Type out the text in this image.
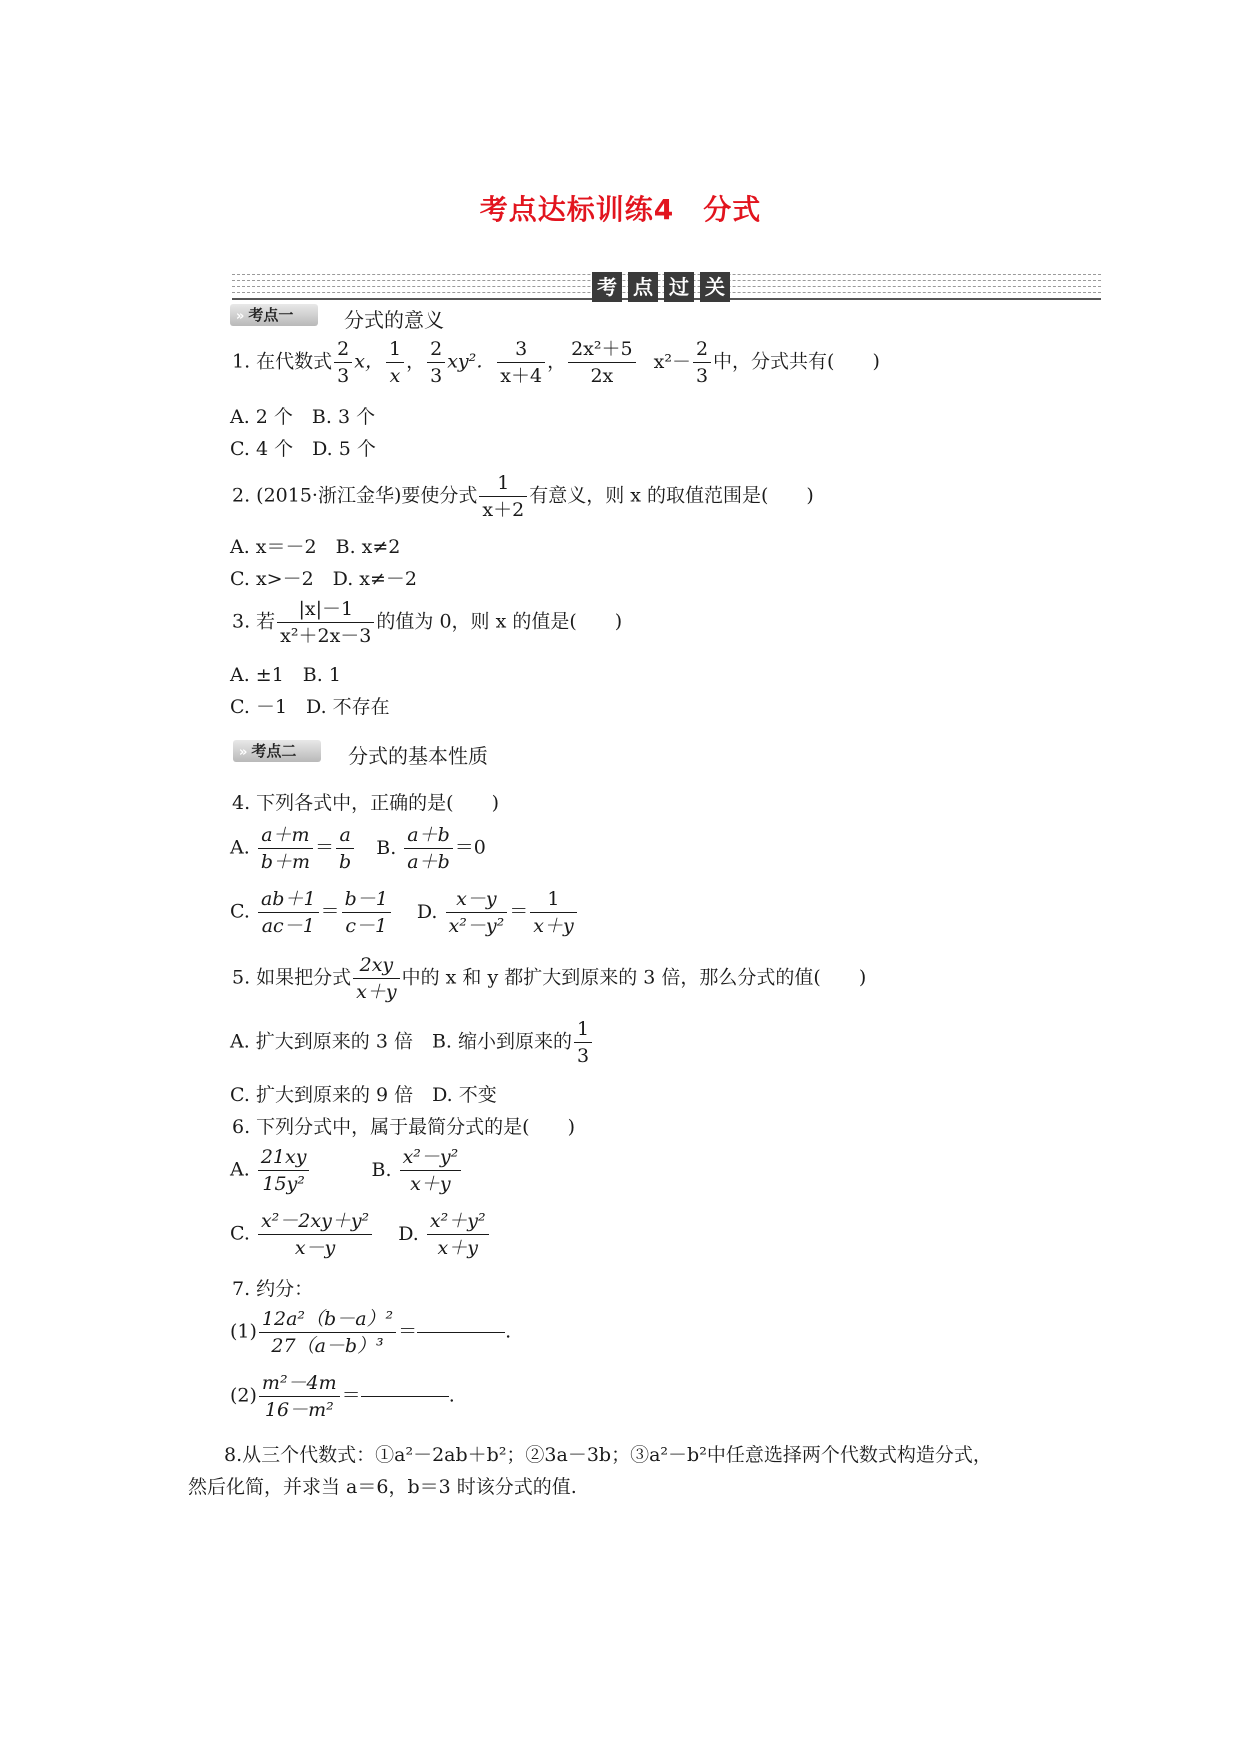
考点达标训练4　分式
考 点 过 关
» 考点一	分式的意义
1. 在代数式 $\frac{2}{3}$ x， $\frac{1}{x}$ ， $\frac{2}{3} xy^2$． $\frac{3}{x+4}$ ， $\frac{\text{2x²＋5}}{2x} x^2- \frac{2}{3}$ 中，分式共有(　　)
A. 2 个　B. 3 个
C. 4 个　D. 5 个
2. (2015·浙江金华)要使分式 $\frac{1}{x+2}$ 有意义，则 x 的取值范围是(　　)
A. x＝－2　B. x≠2
C. x>－2　D. x≠－2
3. 若 $\frac{|x|-1}{\text{x²＋2x－3}}$ 的值为 0，则 x 的值是(　　)
A. ±1　B. 1
C. －1　D. 不存在
» 考点二	分式的基本性质
4. 下列各式中，正确的是(　　)
A. $\frac{a+m}{b+m} = \frac{a}{b} B$. $\frac{a+b}{a+b} =0$
C. $\frac{ab+1}{ac-1} = \frac{b-1}{c-1} D$. $\frac{x-y}{\text{x²－y²}} = \frac{1}{x+y}$
5. 如果把分式 $\frac{2xy}{x+y}$ 中的 x 和 y 都扩大到原来的 3 倍，那么分式的值(　　)
A. 扩大到原来的 3 倍　B. 缩小到原来的 $\frac{1}{3}$
C. 扩大到原来的 9 倍　D. 不变
6. 下列分式中，属于最简分式的是(　　)
A. $\frac{21xy}{\text{15y²}}$	B. $\frac{\text{x²－y²}}{x+y}$
C. $\frac{\text{x²－2xy＋y²}}{x-y} D$. $\frac{\text{x²＋y²}}{x+y}$
7. 约分：
$(1) \frac{\text{12a²（b－a）²}}{\text{27（a－b）³}}$ ＝	.
$(2) \frac{\text{m²－4m}}{\text{16－m²}}$ ＝	.
8.从三个代数式：①a²－2ab＋b²；②3a－3b；③a²－b²中任意选择两个代数式构造分式，
然后化简，并求当 a＝6，b＝3 时该分式的值.
